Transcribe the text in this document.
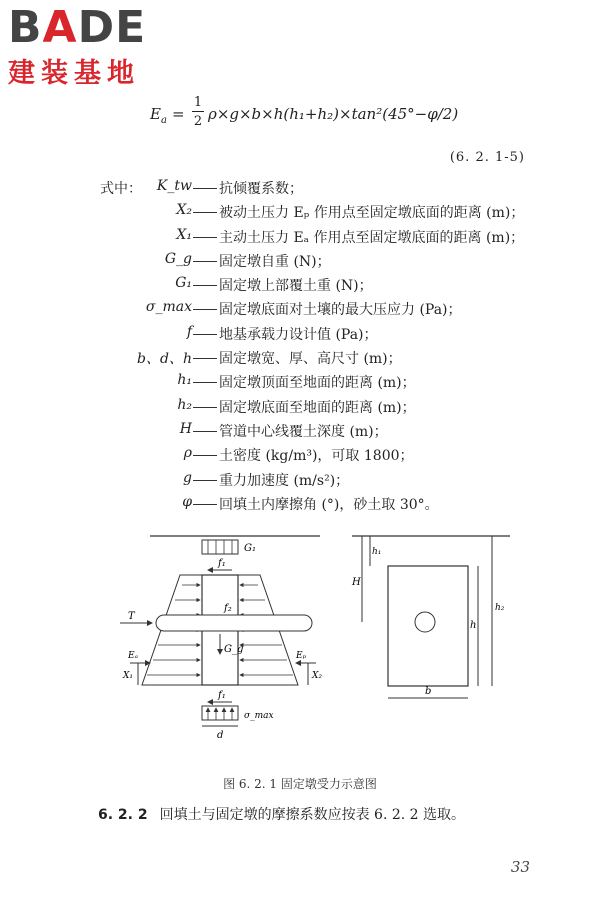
BADE
建装基地
$E_a$ =
1
2 ρ×g×b×h(h₁+h₂)×tan²(45°−φ/2)
(6. 2. 1-5)
式中： K_tw 抗倾覆系数；
X₂ 被动土压力 Eₚ 作用点至固定墩底面的距离 (m)；
X₁ 主动土压力 Eₐ 作用点至固定墩底面的距离 (m)；
G_g 固定墩自重 (N)；
G₁ 固定墩上部覆土重 (N)；
σ_max 固定墩底面对土壤的最大压应力 (Pa)；
f 地基承载力设计值 (Pa)；
b、d、h 固定墩宽、厚、高尺寸 (m)；
h₁ 固定墩顶面至地面的距离 (m)；
h₂ 固定墩底面至地面的距离 (m)；
H 管道中心线覆土深度 (m)；
ρ 土密度 (kg/m³)，可取 1800；
g 重力加速度 (m/s²)；
φ 回填土内摩擦角 (°)，砂土取 30°。
G₁
f₁
T
f₂
G_g
Eₐ	Eₚ
X₁	X₂
f₁
σ_max
d
h₁
H
h
h₂
b
图 6. 2. 1 固定墩受力示意图
6. 2. 2 回填土与固定墩的摩擦系数应按表 6. 2. 2 选取。
33
